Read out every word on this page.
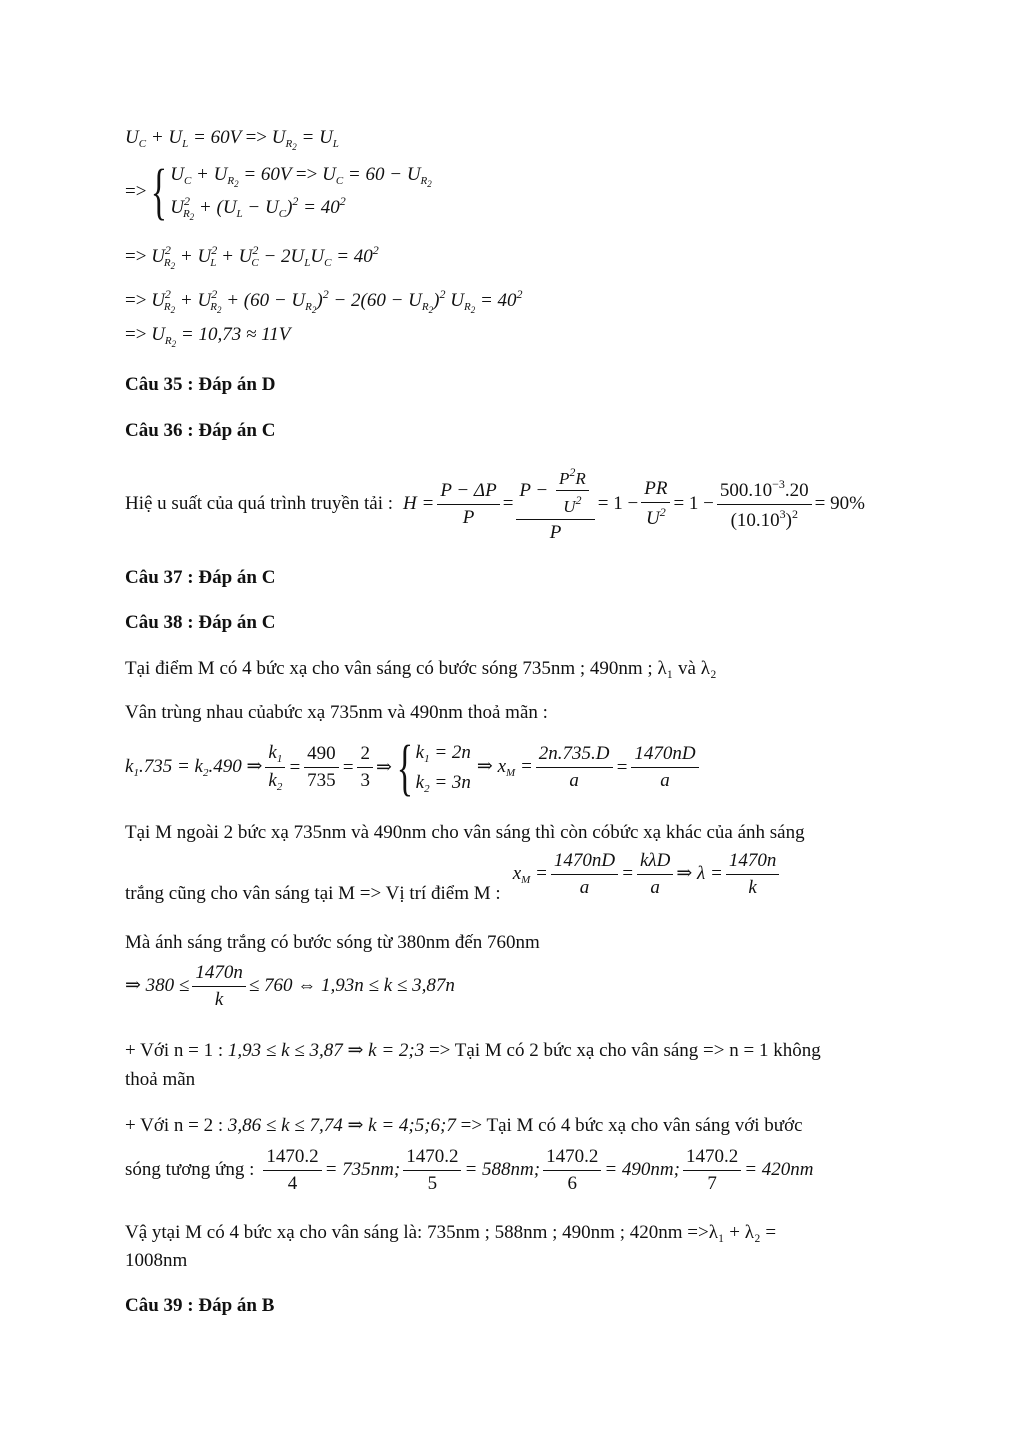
$U_C + U_L = 60V => U_{R_2} = U_L$
=> { $U_C + U_{R_2} = 60V => U_C = 60 - U_{R_2}$
$U^2_{R_2} + (U_L - U_C)^2 = 40^2$
=> $U^2_{R_2} + U^2_L + U^2_C - 2U_LU_C = 40^2$
=> $U^2_{R_2} + U^2_{R_2} + (60 - U_{R_2})^2 - 2(60 - U_{R_2})^2$ $U_{R_2} = 40^2$
=> $U_{R_2} = 10,73 \approx 11V$
Câu 35 : Đáp án D
Câu 36 : Đáp án C
Hiệ u suất của quá trình truyền tải : $H = \frac{P - \Delta P}{P} = \frac{P - \frac{P^2R}{U^2}}{P} = 1 - \frac{PR}{U^2} = 1 - \frac{500.10^{-3}.20}{(10.10^3)^2} = 90\%$
Câu 37 : Đáp án C
Câu 38 : Đáp án C
Tại điểm M có 4 bức xạ cho vân sáng có bước sóng 735nm ; 490nm ; λ₁ và λ₂
Vân trùng nhau củabức xạ 735nm và 490nm thoả mãn :
$k_1.735 = k_2.490$ ⇒ $\frac{k_1}{k_2} = \frac{490}{735} = \frac{2}{3}$ ⇒ { $k_1 = 2n$
$k_2 = 3n$
⇒ $x_M = \frac{2n.735.D}{a} = \frac{1470nD}{a}$
Tại M ngoài 2 bức xạ 735nm và 490nm cho vân sáng thì còn cóbức xạ khác của ánh sáng
trắng cũng cho vân sáng tại M => Vị trí điểm M :
$x_M = \frac{1470nD}{a} = \frac{\text{kλD}}{a}$ ⇒ $\lambda = \frac{1470n}{k}$
Mà ánh sáng trắng có bước sóng từ 380nm đến 760nm
⇒ $380 \le \frac{1470n}{k} \le 760$ ⇔ 1,93n ≤ k ≤ 3,87n
+ Với n = 1 : 1,93 ≤ k ≤ 3,87 ⇒ k = 2;3 => Tại M có 2 bức xạ cho vân sáng => n = 1 không
thoả mãn
+ Với n = 2 : 3,86 ≤ k ≤ 7,74 ⇒ k = 4;5;6;7 => Tại M có 4 bức xạ cho vân sáng với bước
sóng tương ứng : $\frac{1470.2}{4} = 735nm$; $\frac{1470.2}{5} = 588nm$; $\frac{1470.2}{6} = 490nm$; $\frac{1470.2}{7} = 420nm$
Vậ ytại M có 4 bức xạ cho vân sáng là: 735nm ; 588nm ; 490nm ; 420nm =>λ₁ + λ₂ =
1008nm
Câu 39 : Đáp án B
